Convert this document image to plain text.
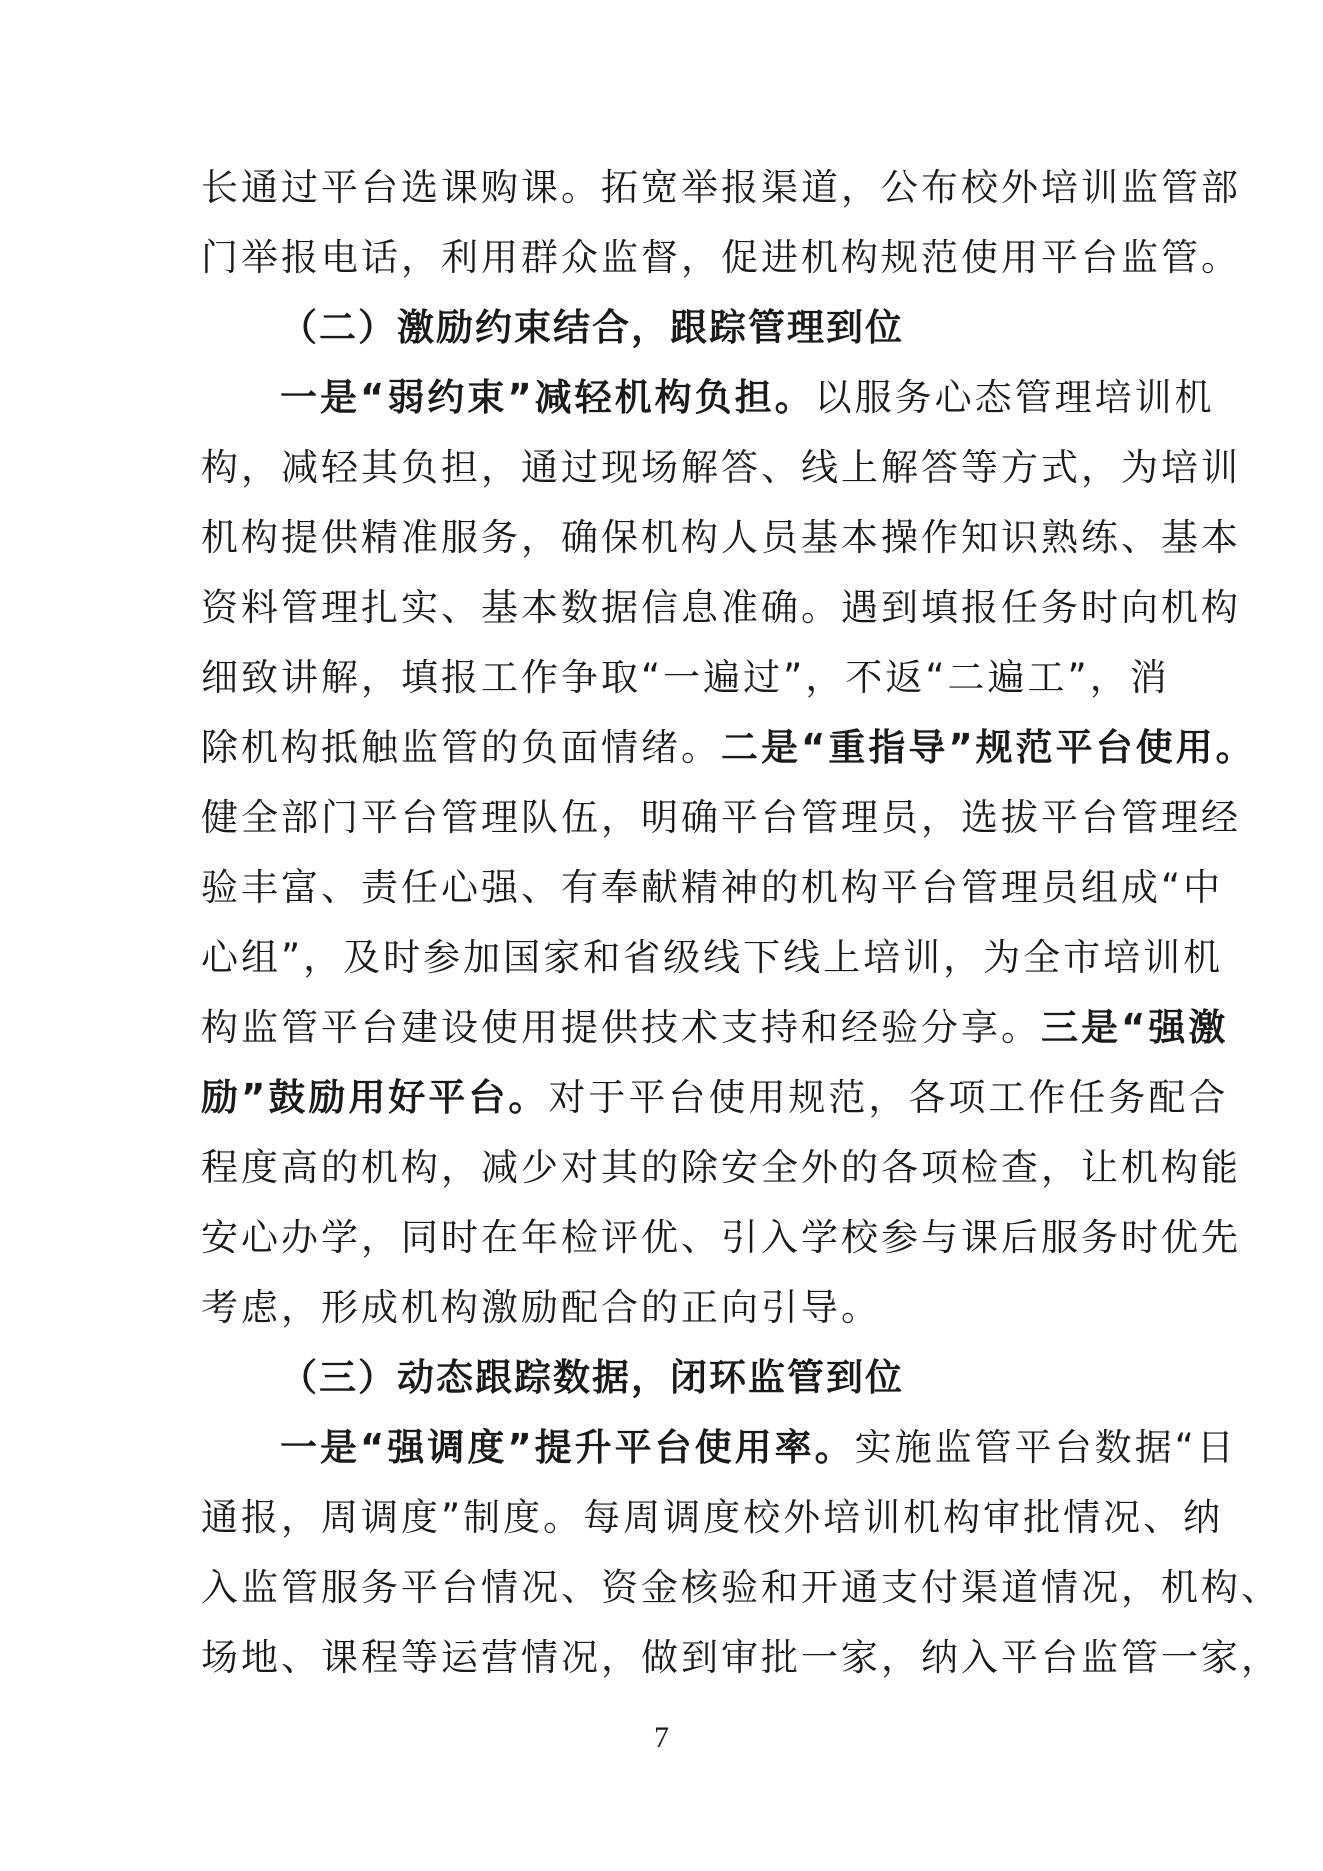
长 通 过 平 台 选 课 购 课 。 拓 宽 举 报 渠 道 ， 公 布 校 外 培 训 监 管 部
门 举 报 电 话 ， 利 用 群 众 监 督 ， 促 进 机 构 规 范 使 用 平 台 监 管 。
（二）激励约束结合，跟踪管理到位
一 是 “ 弱 约 束 ” 减 轻 机 构 负 担 。 以 服 务 心 态 管 理 培 训 机
构 ， 减 轻 其 负 担 ， 通 过 现 场 解 答 、 线 上 解 答 等 方 式 ， 为 培 训
机 构 提 供 精 准 服 务 ， 确 保 机 构 人 员 基 本 操 作 知 识 熟 练 、 基 本
资 料 管 理 扎 实 、 基 本 数 据 信 息 准 确 。 遇 到 填 报 任 务 时 向 机 构
细 致 讲 解 ， 填 报 工 作 争 取 “ 一 遍 过 ” ， 不 返 “ 二 遍 工 ” ， 消
除 机 构 抵 触 监 管 的 负 面 情 绪 。 二 是 “ 重 指 导 ” 规 范 平 台 使 用 。
健 全 部 门 平 台 管 理 队 伍 ， 明 确 平 台 管 理 员 ， 选 拔 平 台 管 理 经
验 丰 富 、 责 任 心 强 、 有 奉 献 精 神 的 机 构 平 台 管 理 员 组 成 “ 中
心 组 ” ， 及 时 参 加 国 家 和 省 级 线 下 线 上 培 训 ， 为 全 市 培 训 机
构 监 管 平 台 建 设 使 用 提 供 技 术 支 持 和 经 验 分 享 。 三 是 “ 强 激
励 ” 鼓 励 用 好 平 台 。 对 于 平 台 使 用 规 范 ， 各 项 工 作 任 务 配 合
程 度 高 的 机 构 ， 减 少 对 其 的 除 安 全 外 的 各 项 检 查 ， 让 机 构 能
安 心 办 学 ， 同 时 在 年 检 评 优 、 引 入 学 校 参 与 课 后 服 务 时 优 先
考虑，形成机构激励配合的正向引导。
（三）动态跟踪数据，闭环监管到位
一 是 “ 强 调 度 ” 提 升 平 台 使 用 率 。 实 施 监 管 平 台 数 据 “ 日
通 报 ， 周 调 度 ” 制 度 。 每 周 调 度 校 外 培 训 机 构 审 批 情 况 、 纳
入 监 管 服 务 平 台 情 况 、 资 金 核 验 和 开 通 支 付 渠 道 情 况 ， 机 构 、
场 地 、 课 程 等 运 营 情 况 ， 做 到 审 批 一 家 ， 纳 入 平 台 监 管 一 家 ，
7
